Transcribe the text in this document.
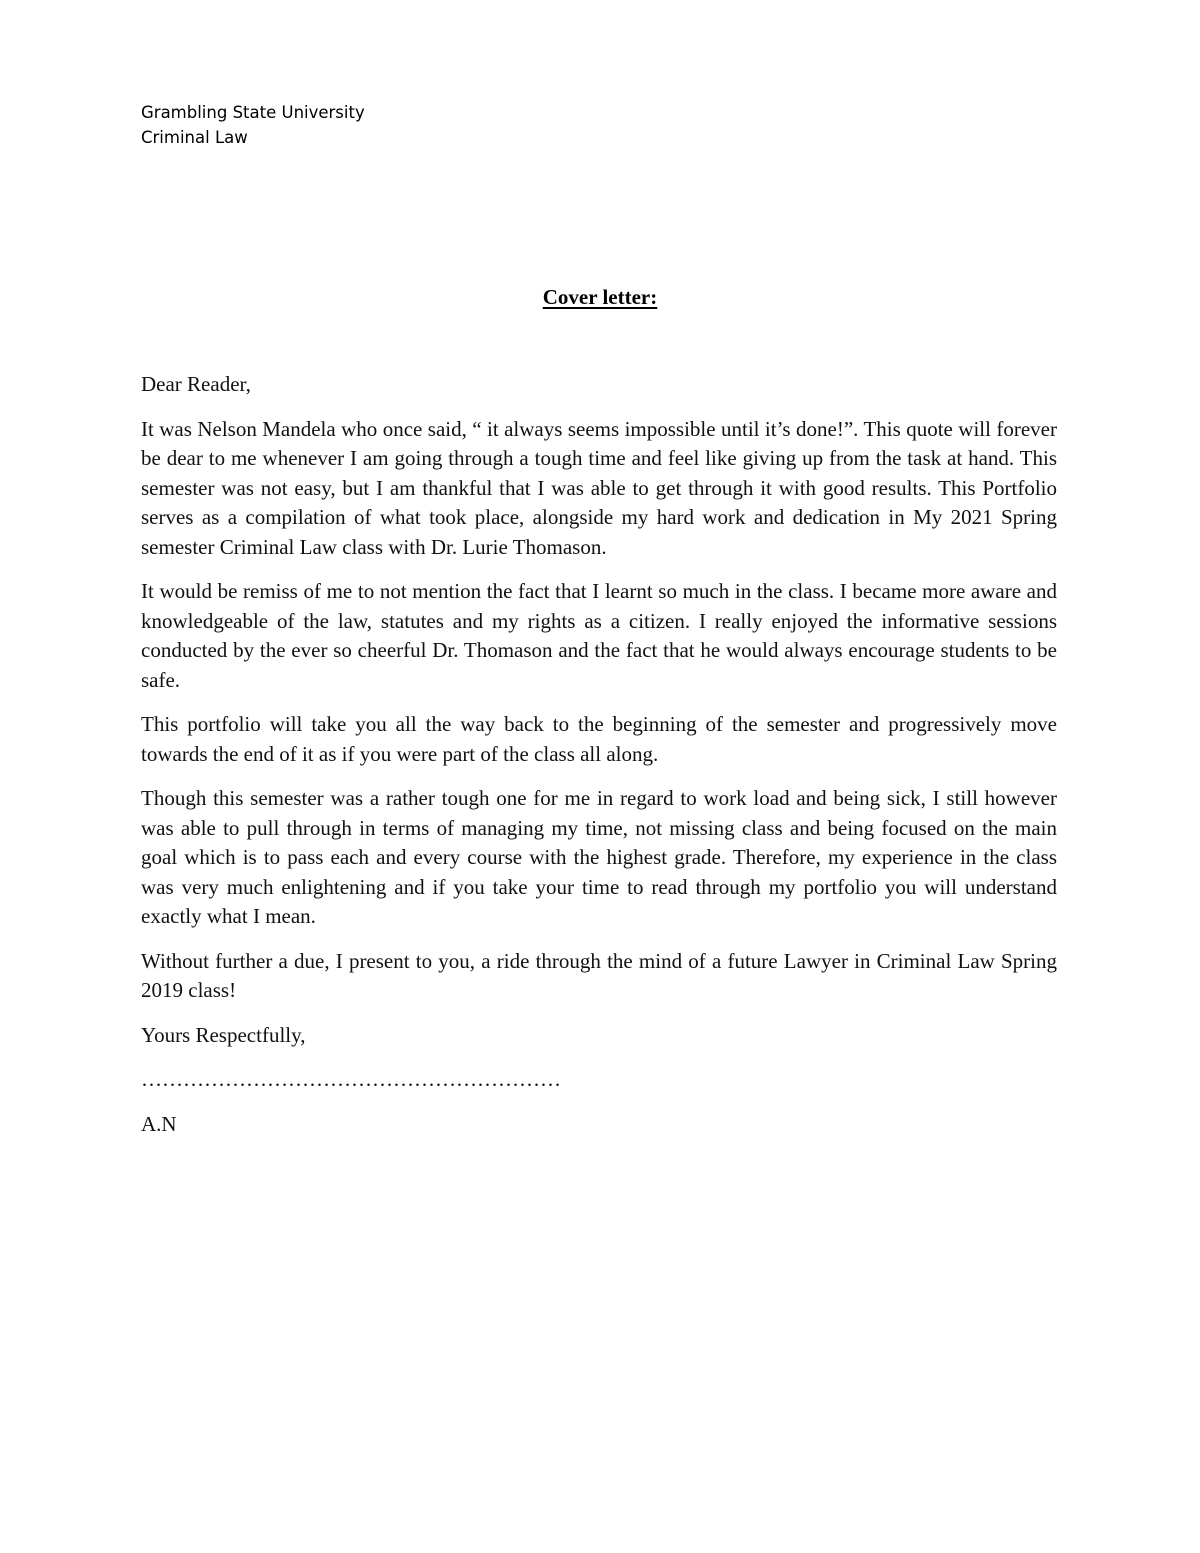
Grambling State University
Criminal Law
Cover letter:

Dear Reader,

It was Nelson Mandela who once said, “ it always seems impossible until it’s done!”. This quote will forever be dear to me whenever I am going through a tough time and feel like giving up from the task at hand. This semester was not easy, but I am thankful that I was able to get through it with good results. This Portfolio serves as a compilation of what took place, alongside my hard work and dedication in My 2021 Spring semester Criminal Law class with Dr. Lurie Thomason.

It would be remiss of me to not mention the fact that I learnt so much in the class. I became more aware and knowledgeable of the law, statutes and my rights as a citizen. I really enjoyed the informative sessions conducted by the ever so cheerful Dr. Thomason and the fact that he would always encourage students to be safe.

This portfolio will take you all the way back to the beginning of the semester and progressively move towards the end of it as if you were part of the class all along.

Though this semester was a rather tough one for me in regard to work load and being sick, I still however was able to pull through in terms of managing my time, not missing class and being focused on the main goal which is to pass each and every course with the highest grade. Therefore, my experience in the class was very much enlightening and if you take your time to read through my portfolio you will understand exactly what I mean.

Without further a due, I present to you, a ride through the mind of a future Lawyer in Criminal Law Spring 2019 class!

Yours Respectfully,

……………………………………………………

A.N
